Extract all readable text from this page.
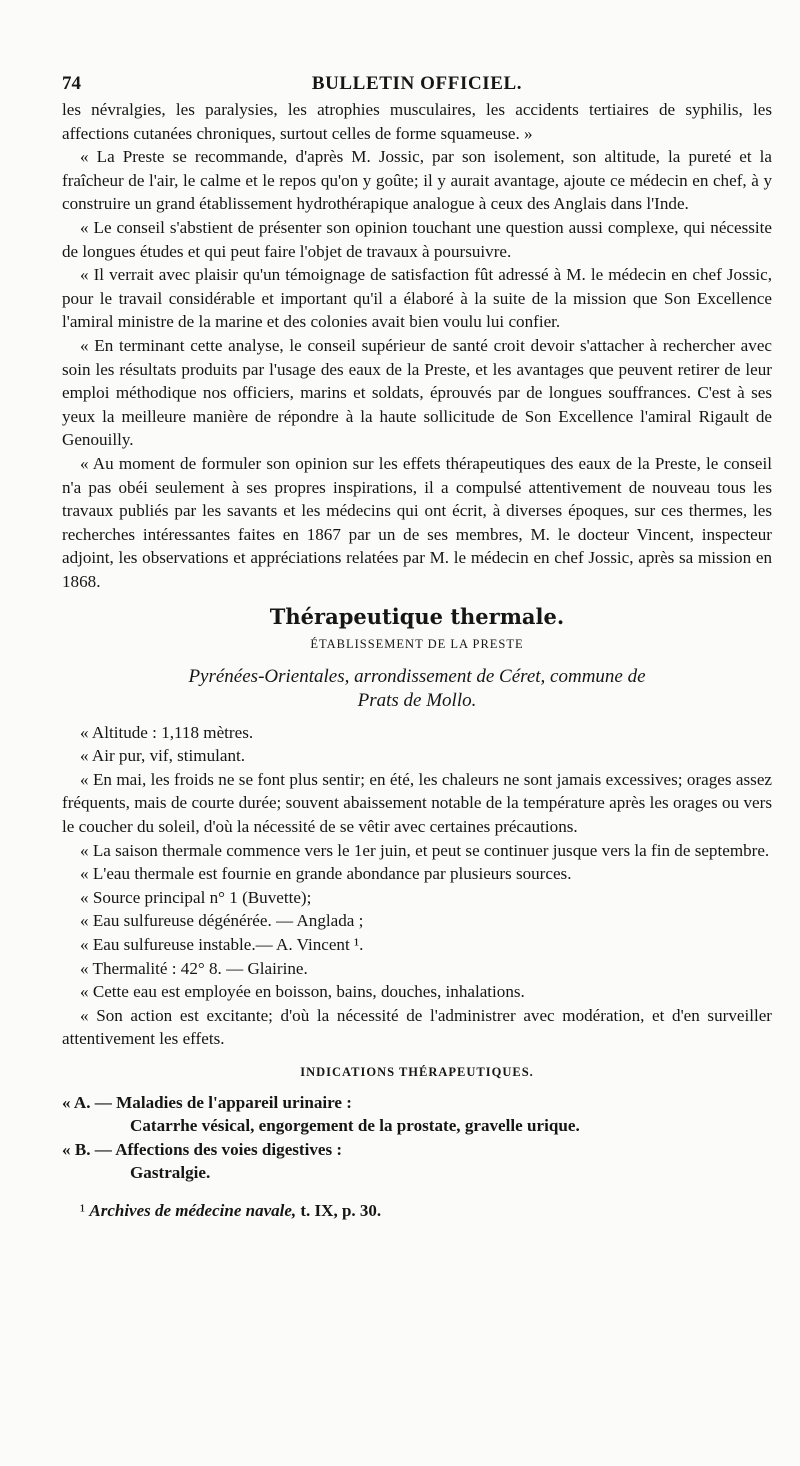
74	BULLETIN OFFICIEL.

les névralgies, les paralysies, les atrophies musculaires, les accidents tertiaires de syphilis, les affections cutanées chroniques, surtout celles de forme squameuse. »

« La Preste se recommande, d'après M. Jossic, par son isolement, son altitude, la pureté et la fraîcheur de l'air, le calme et le repos qu'on y goûte; il y aurait avantage, ajoute ce médecin en chef, à y construire un grand établissement hydrothérapique analogue à ceux des Anglais dans l'Inde.

« Le conseil s'abstient de présenter son opinion touchant une question aussi complexe, qui nécessite de longues études et qui peut faire l'objet de travaux à poursuivre.

« Il verrait avec plaisir qu'un témoignage de satisfaction fût adressé à M. le médecin en chef Jossic, pour le travail considérable et important qu'il a élaboré à la suite de la mission que Son Excellence l'amiral ministre de la marine et des colonies avait bien voulu lui confier.

« En terminant cette analyse, le conseil supérieur de santé croit devoir s'attacher à rechercher avec soin les résultats produits par l'usage des eaux de la Preste, et les avantages que peuvent retirer de leur emploi méthodique nos officiers, marins et soldats, éprouvés par de longues souffrances. C'est à ses yeux la meilleure manière de répondre à la haute sollicitude de Son Excellence l'amiral Rigault de Genouilly.

« Au moment de formuler son opinion sur les effets thérapeutiques des eaux de la Preste, le conseil n'a pas obéi seulement à ses propres inspirations, il a compulsé attentivement de nouveau tous les travaux publiés par les savants et les médecins qui ont écrit, à diverses époques, sur ces thermes, les recherches intéressantes faites en 1867 par un de ses membres, M. le docteur Vincent, inspecteur adjoint, les observations et appréciations relatées par M. le médecin en chef Jossic, après sa mission en 1868.

Thérapeutique thermale.
ÉTABLISSEMENT DE LA PRESTE
Pyrénées-Orientales, arrondissement de Céret, commune de
Prats de Mollo.

« Altitude : 1,118 mètres.

« Air pur, vif, stimulant.

« En mai, les froids ne se font plus sentir; en été, les chaleurs ne sont jamais excessives; orages assez fréquents, mais de courte durée; souvent abaissement notable de la température après les orages ou vers le coucher du soleil, d'où la nécessité de se vêtir avec certaines précautions.

« La saison thermale commence vers le 1er juin, et peut se continuer jusque vers la fin de septembre.

« L'eau thermale est fournie en grande abondance par plusieurs sources.

« Source principal n° 1 (Buvette);

« Eau sulfureuse dégénérée. — Anglada ;

« Eau sulfureuse instable.— A. Vincent ¹.

« Thermalité : 42° 8. — Glairine.

« Cette eau est employée en boisson, bains, douches, inhalations.

« Son action est excitante; d'où la nécessité de l'administrer avec modération, et d'en surveiller attentivement les effets.

INDICATIONS THÉRAPEUTIQUES.

« A. — Maladies de l'appareil urinaire :

Catarrhe vésical, engorgement de la prostate, gravelle urique.

« B. — Affections des voies digestives :

Gastralgie.

¹ Archives de médecine navale, t. IX, p. 30.
